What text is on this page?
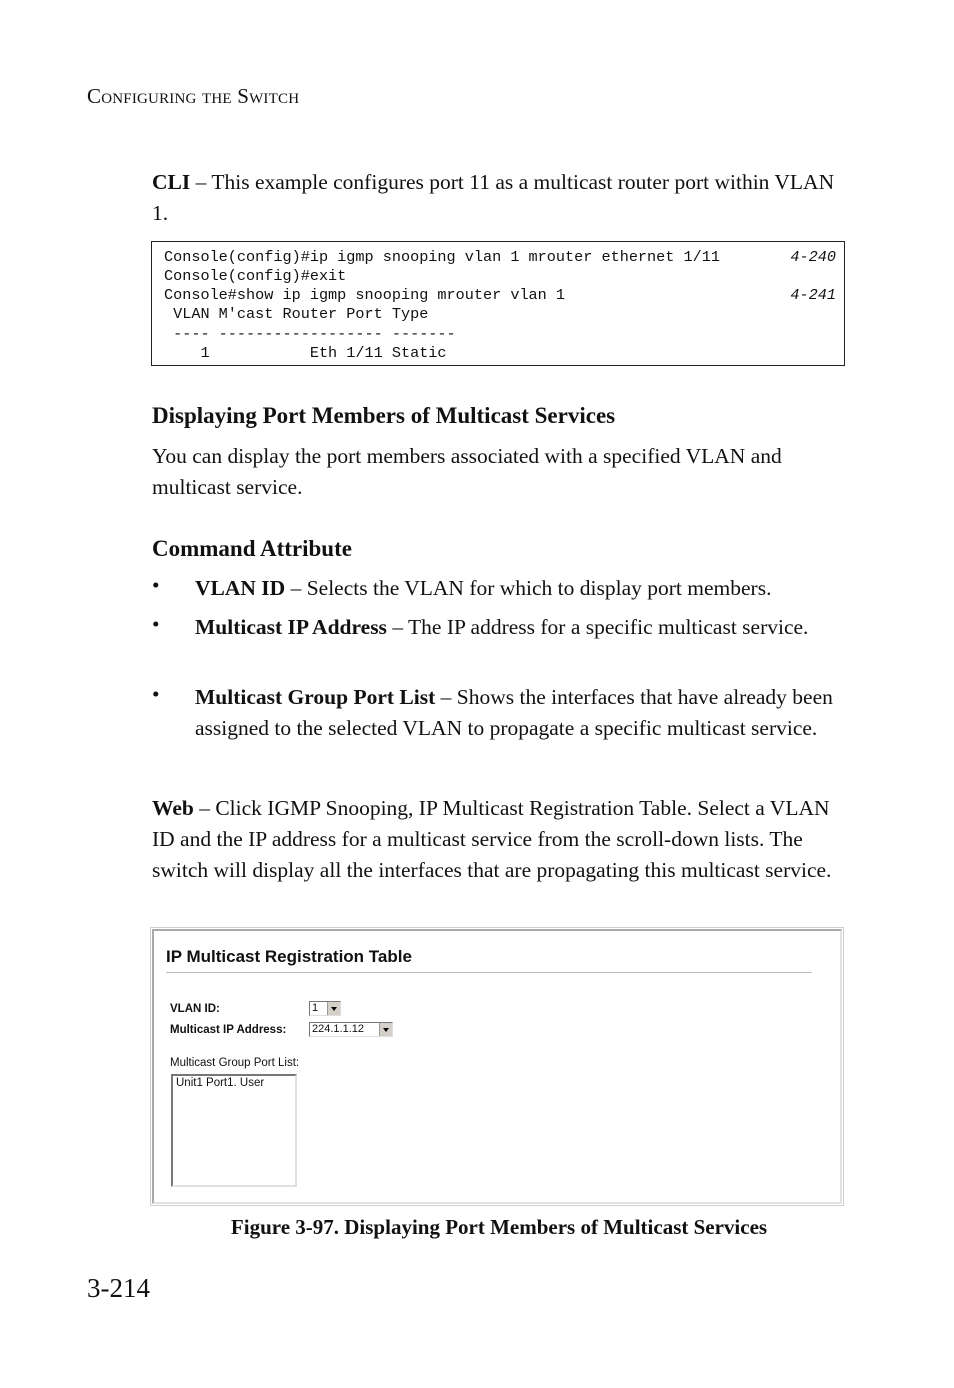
Configuring the Switch
CLI – This example configures port 11 as a multicast router port within VLAN 1.
Console(config)#ip igmp snooping vlan 1 mrouter ethernet 1/11	4-240
Console(config)#exit
Console#show ip igmp snooping mrouter vlan 1	4-241
VLAN M'cast Router Port Type
---- ------------------ -------
1           Eth 1/11 Static
Displaying Port Members of Multicast Services
You can display the port members associated with a specified VLAN and multicast service.
Command Attribute
• VLAN ID – Selects the VLAN for which to display port members.
• Multicast IP Address – The IP address for a specific multicast service.
• Multicast Group Port List – Shows the interfaces that have already been assigned to the selected VLAN to propagate a specific multicast service.
Web – Click IGMP Snooping, IP Multicast Registration Table. Select a VLAN ID and the IP address for a multicast service from the scroll-down lists. The switch will display all the interfaces that are propagating this multicast service.
IP Multicast Registration Table
VLAN ID:	1
Multicast IP Address: 224.1.1.12
Multicast Group Port List:
Unit1 Port1. User
Figure 3-97. Displaying Port Members of Multicast Services
3-214
